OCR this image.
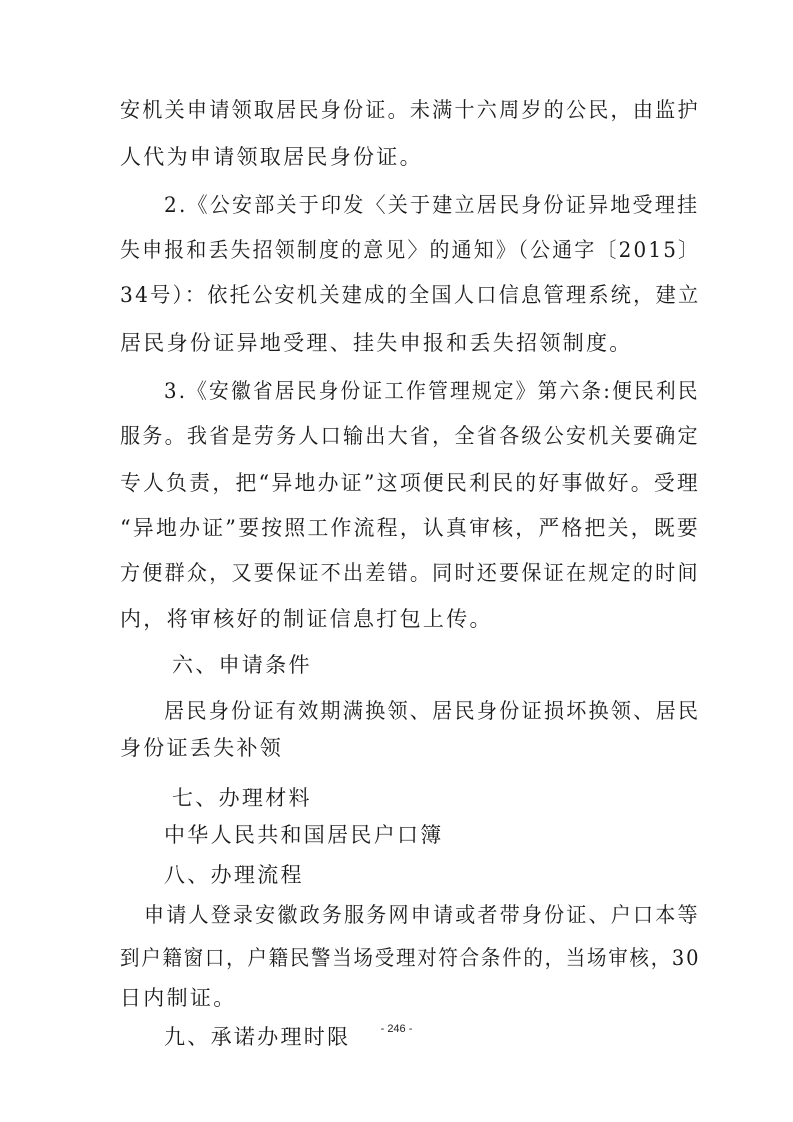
安机关申请领取居民身份证。未满十六周岁的公民，由监护
人代为申请领取居民身份证。
2.《公安部关于印发〈关于建立居民身份证异地受理挂
失申报和丢失招领制度的意见〉的通知》（公通字〔2015〕
34号）：依托公安机关建成的全国人口信息管理系统，建立
居民身份证异地受理、挂失申报和丢失招领制度。
3.《安徽省居民身份证工作管理规定》第六条:便民利民
服务。我省是劳务人口输出大省，全省各级公安机关要确定
专人负责，把“异地办证”这项便民利民的好事做好。受理
“异地办证”要按照工作流程，认真审核，严格把关，既要
方便群众，又要保证不出差错。同时还要保证在规定的时间
内，将审核好的制证信息打包上传。
六、申请条件
居民身份证有效期满换领、居民身份证损坏换领、居民
身份证丢失补领
七、办理材料
中华人民共和国居民户口簿
八、办理流程
申请人登录安徽政务服务网申请或者带身份证、户口本等
到户籍窗口，户籍民警当场受理对符合条件的，当场审核，30
日内制证。
九、承诺办理时限	- 246 -
